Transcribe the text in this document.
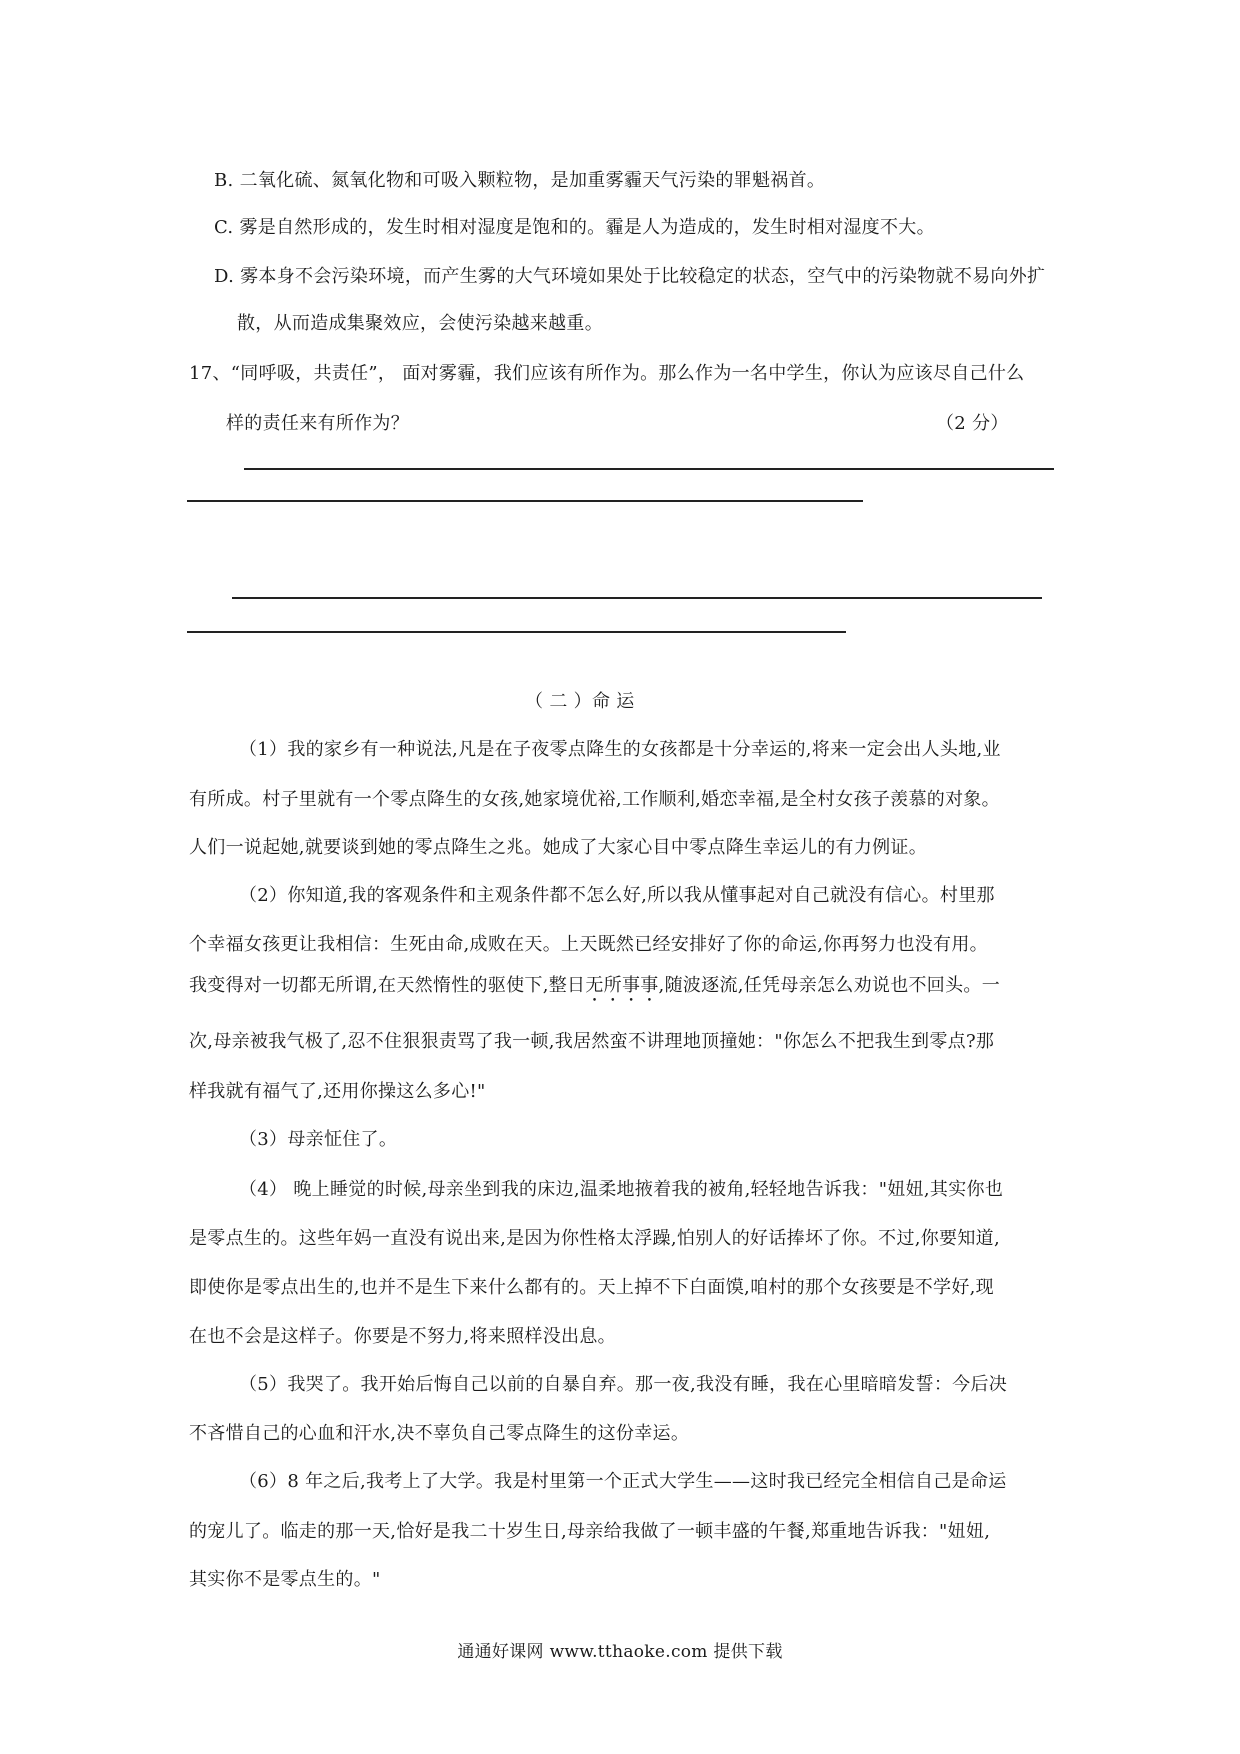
B. 二氧化硫、氮氧化物和可吸入颗粒物，是加重雾霾天气污染的罪魁祸首。
C. 雾是自然形成的，发生时相对湿度是饱和的。霾是人为造成的，发生时相对湿度不大。
D. 雾本身不会污染环境，而产生雾的大气环境如果处于比较稳定的状态，空气中的污染物就不易向外扩
散，从而造成集聚效应，会使污染越来越重。
17、“同呼吸，共责任”， 面对雾霾，我们应该有所作为。那么作为一名中学生，你认为应该尽自己什么
样的责任来有所作为？	（2 分）
（ 二 ）命 运
（1）我的家乡有一种说法,凡是在子夜零点降生的女孩都是十分幸运的,将来一定会出人头地,业
有所成。村子里就有一个零点降生的女孩,她家境优裕,工作顺利,婚恋幸福,是全村女孩子羡慕的对象。
人们一说起她,就要谈到她的零点降生之兆。她成了大家心目中零点降生幸运儿的有力例证。
（2）你知道,我的客观条件和主观条件都不怎么好,所以我从懂事起对自己就没有信心。村里那
个幸福女孩更让我相信：生死由命,成败在天。上天既然已经安排好了你的命运,你再努力也没有用。
我变得对一切都无所谓,在天然惰性的驱使下,整日无所事事,随波逐流,任凭母亲怎么劝说也不回头。一
次,母亲被我气极了,忍不住狠狠责骂了我一顿,我居然蛮不讲理地顶撞她："你怎么不把我生到零点?那
样我就有福气了,还用你操这么多心!"
（3）母亲怔住了。
（4） 晚上睡觉的时候,母亲坐到我的床边,温柔地掖着我的被角,轻轻地告诉我："妞妞,其实你也
是零点生的。这些年妈一直没有说出来,是因为你性格太浮躁,怕别人的好话捧坏了你。不过,你要知道,
即使你是零点出生的,也并不是生下来什么都有的。天上掉不下白面馍,咱村的那个女孩要是不学好,现
在也不会是这样子。你要是不努力,将来照样没出息。
（5）我哭了。我开始后悔自己以前的自暴自弃。那一夜,我没有睡，我在心里暗暗发誓：今后决
不吝惜自己的心血和汗水,决不辜负自己零点降生的这份幸运。
（6）8 年之后,我考上了大学。我是村里第一个正式大学生——这时我已经完全相信自己是命运
的宠儿了。临走的那一天,恰好是我二十岁生日,母亲给我做了一顿丰盛的午餐,郑重地告诉我："妞妞,
其实你不是零点生的。"
通通好课网 www.tthaoke.com 提供下载
